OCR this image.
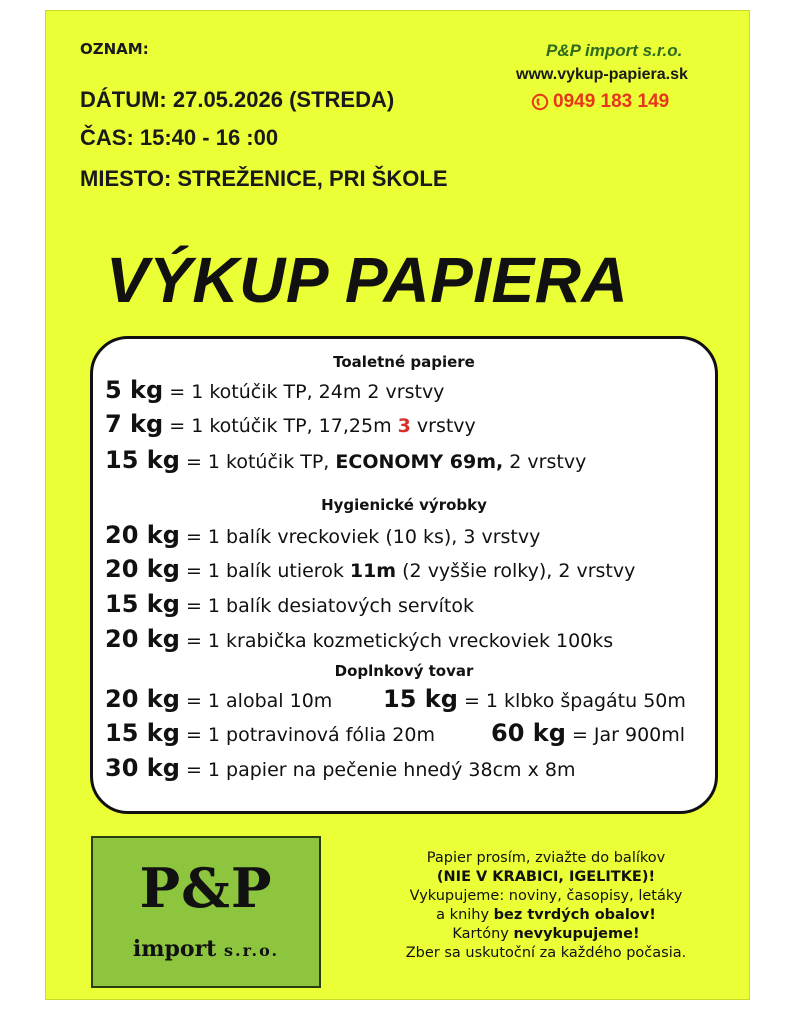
OZNAM:
DÁTUM: 27.05.2026 (STREDA)
ČAS: 15:40 - 16 :00
MIESTO: STREŽENICE, PRI ŠKOLE
P&P import s.r.o.
www.vykup-papiera.sk
0949 183 149
VÝKUP PAPIERA
Toaletné papiere
5 kg = 1 kotúčik TP, 24m 2 vrstvy
7 kg = 1 kotúčik TP, 17,25m 3 vrstvy
15 kg = 1 kotúčik TP, ECONOMY 69m, 2 vrstvy
Hygienické výrobky
20 kg = 1 balík vreckoviek (10 ks), 3 vrstvy
20 kg = 1 balík utierok 11m (2 vyššie rolky), 2 vrstvy
15 kg = 1 balík desiatových servítok
20 kg = 1 krabička kozmetických vreckoviek 100ks
Doplnkový tovar
20 kg = 1 alobal 10m 15 kg = 1 klbko špagátu 50m
15 kg = 1 potravinová fólia 20m 60 kg = Jar 900ml
30 kg = 1 papier na pečenie hnedý 38cm x 8m
P&P
import s.r.o.
Papier prosím, zviažte do balíkov
(NIE V KRABICI, IGELITKE)!
Vykupujeme: noviny, časopisy, letáky
a knihy bez tvrdých obalov!
Kartóny nevykupujeme!
Zber sa uskutoční za každého počasia.
